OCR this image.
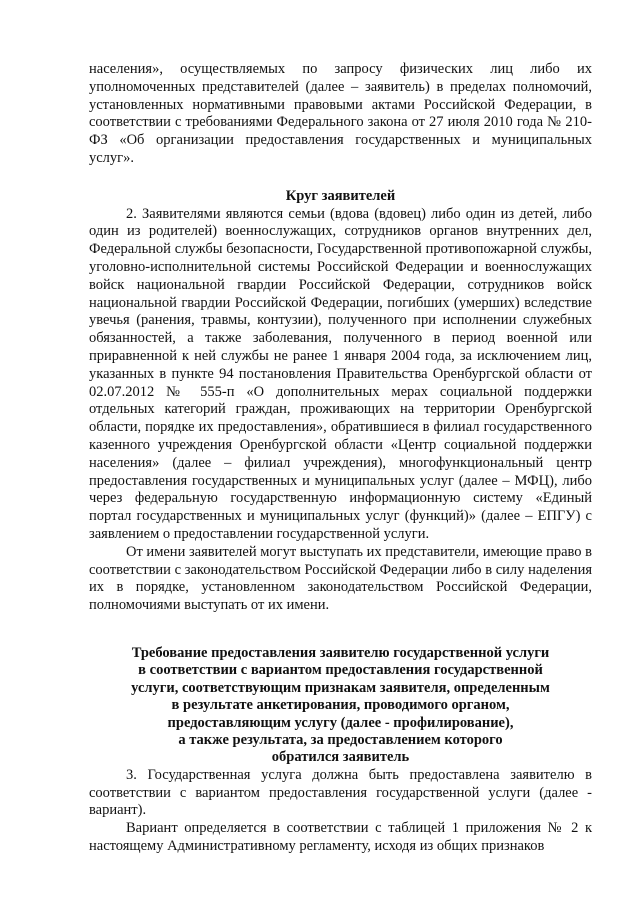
населения», осуществляемых по запросу физических лиц либо их уполномоченных представителей (далее – заявитель) в пределах полномочий, установленных нормативными правовыми актами Российской Федерации, в соответствии с требованиями Федерального закона от 27 июля 2010 года № 210-ФЗ «Об организации предоставления государственных и муниципальных услуг».

Круг заявителей

2. Заявителями являются семьи (вдова (вдовец) либо один из детей, либо один из родителей) военнослужащих, сотрудников органов внутренних дел, Федеральной службы безопасности, Государственной противопожарной службы, уголовно-исполнительной системы Российской Федерации и военнослужащих войск национальной гвардии Российской Федерации, сотрудников войск национальной гвардии Российской Федерации, погибших (умерших) вследствие увечья (ранения, травмы, контузии), полученного при исполнении служебных обязанностей, а также заболевания, полученного в период военной или приравненной к ней службы не ранее 1 января 2004 года, за исключением лиц, указанных в пункте 94 постановления Правительства Оренбургской области от 02.07.2012 № 555-п «О дополнительных мерах социальной поддержки отдельных категорий граждан, проживающих на территории Оренбургской области, порядке их предоставления», обратившиеся в филиал государственного казенного учреждения Оренбургской области «Центр социальной поддержки населения» (далее – филиал учреждения), многофункциональный центр предоставления государственных и муниципальных услуг (далее – МФЦ), либо через федеральную государственную информационную систему «Единый портал государственных и муниципальных услуг (функций)» (далее – ЕПГУ) с заявлением о предоставлении государственной услуги.

От имени заявителей могут выступать их представители, имеющие право в соответствии с законодательством Российской Федерации либо в силу наделения их в порядке, установленном законодательством Российской Федерации, полномочиями выступать от их имени.

Требование предоставления заявителю государственной услуги
в соответствии с вариантом предоставления государственной
услуги, соответствующим признакам заявителя, определенным
в результате анкетирования, проводимого органом,
предоставляющим услугу (далее - профилирование),
а также результата, за предоставлением которого
обратился заявитель

3. Государственная услуга должна быть предоставлена заявителю в соответствии с вариантом предоставления государственной услуги (далее - вариант).

Вариант определяется в соответствии с таблицей 1 приложения № 2 к настоящему Административному регламенту, исходя из общих признаков
